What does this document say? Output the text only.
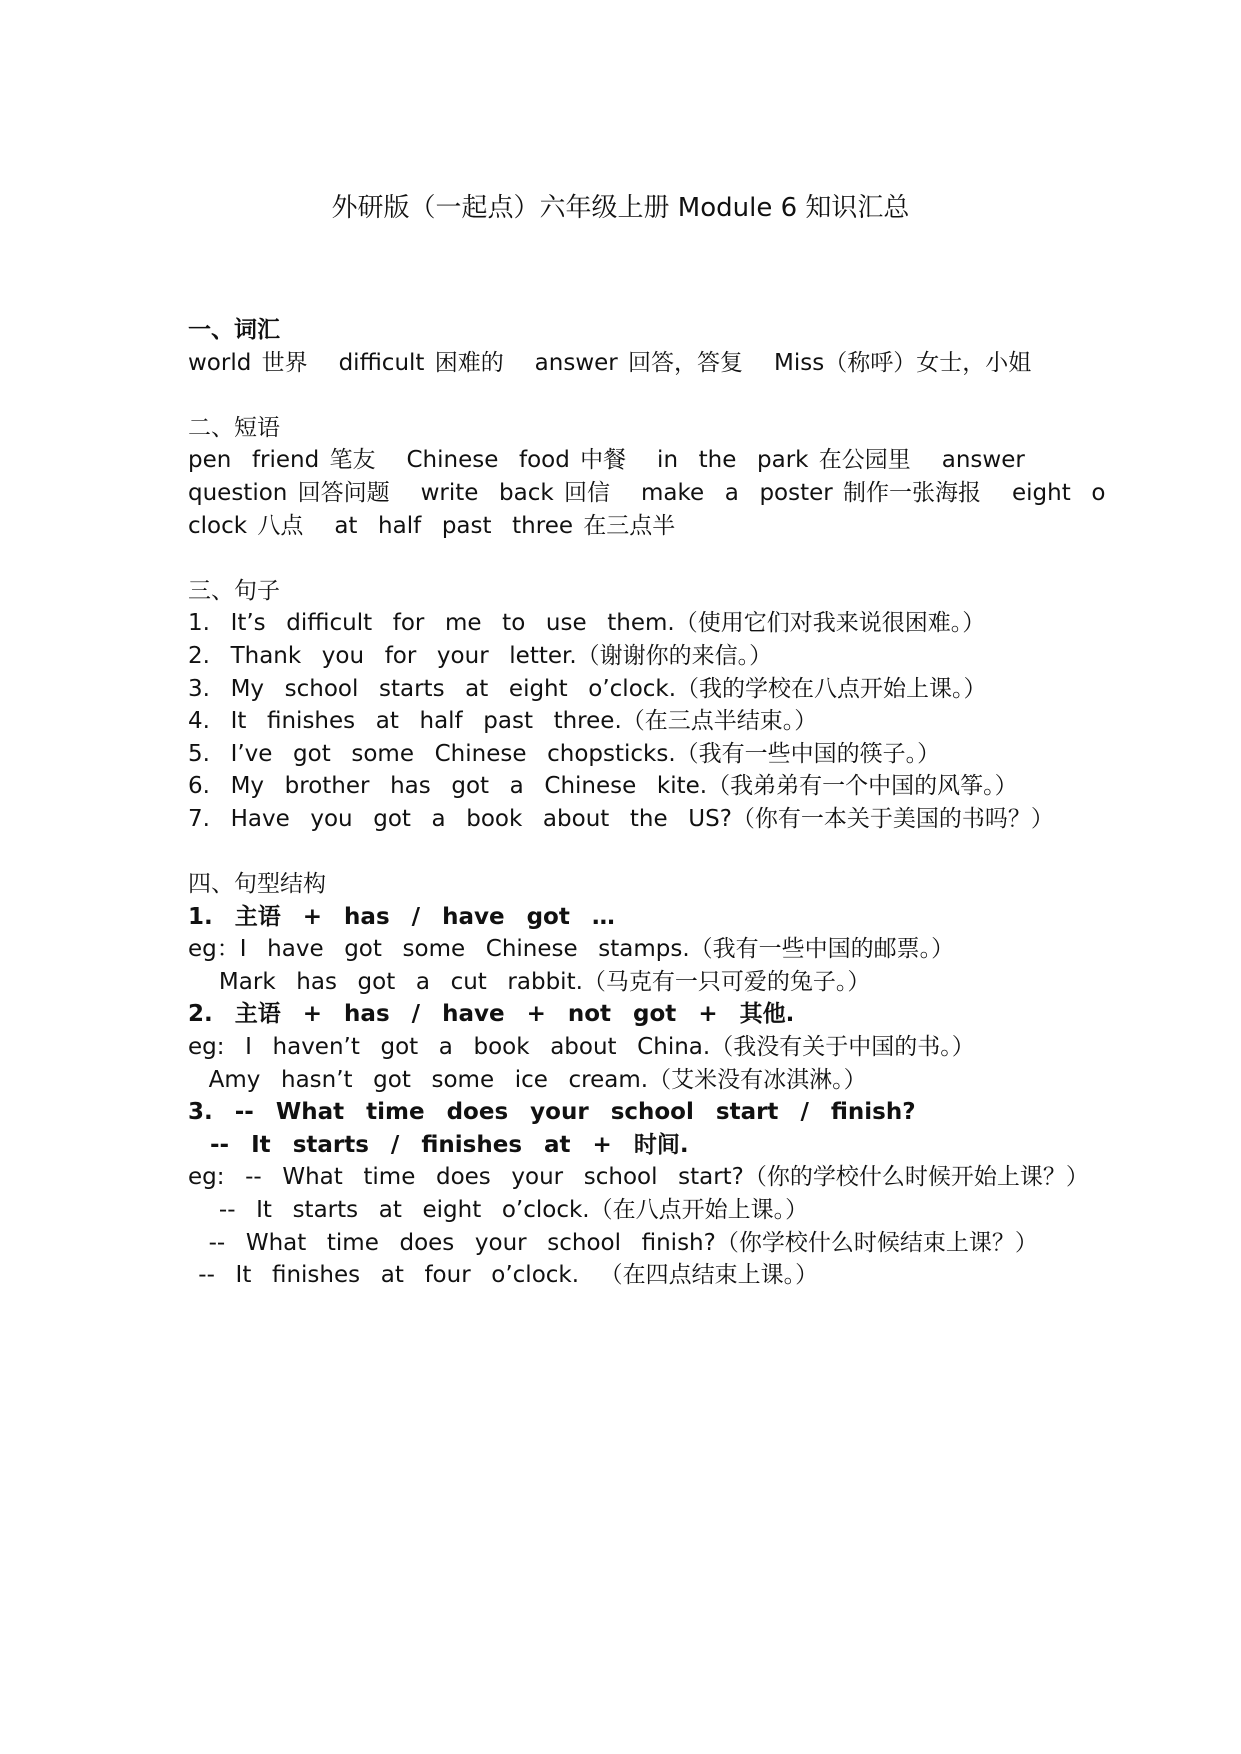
外研版（一起点）六年级上册 Module 6 知识汇总
一、词汇
world 世界   difficult 困难的   answer 回答，答复   Miss（称呼）女士，小姐
二、短语
pen  friend 笔友   Chinese  food 中餐   in  the  park 在公园里   answer
question 回答问题   write  back 回信   make  a  poster 制作一张海报   eight  o
clock 八点   at  half  past  three 在三点半
三、句子
1.  It’s  difficult  for  me  to  use  them.（使用它们对我来说很困难。）
2.  Thank  you  for  your  letter.（谢谢你的来信。）
3.  My  school  starts  at  eight  o’clock.（我的学校在八点开始上课。）
4.  It  finishes  at  half  past  three.（在三点半结束。）
5.  I’ve  got  some  Chinese  chopsticks.（我有一些中国的筷子。）
6.  My  brother  has  got  a  Chinese  kite.（我弟弟有一个中国的风筝。）
7.  Have  you  got  a  book  about  the  US?（你有一本关于美国的书吗？）
四、句型结构
1.  主语  +  has  /  have  got  …
eg：I  have  got  some  Chinese  stamps.（我有一些中国的邮票。）
Mark  has  got  a  cut  rabbit.（马克有一只可爱的兔子。）
2.  主语  +  has  /  have  +  not  got  +  其他.
eg:  I  haven’t  got  a  book  about  China.（我没有关于中国的书。）
Amy  hasn’t  got  some  ice  cream.（艾米没有冰淇淋。）
3.  --  What  time  does  your  school  start  /  finish?
--  It  starts  /  finishes  at  +  时间.
eg:  --  What  time  does  your  school  start?（你的学校什么时候开始上课？）
--  It  starts  at  eight  o’clock.（在八点开始上课。）
--  What  time  does  your  school  finish?（你学校什么时候结束上课？）
--  It  finishes  at  four  o’clock.  （在四点结束上课。）
